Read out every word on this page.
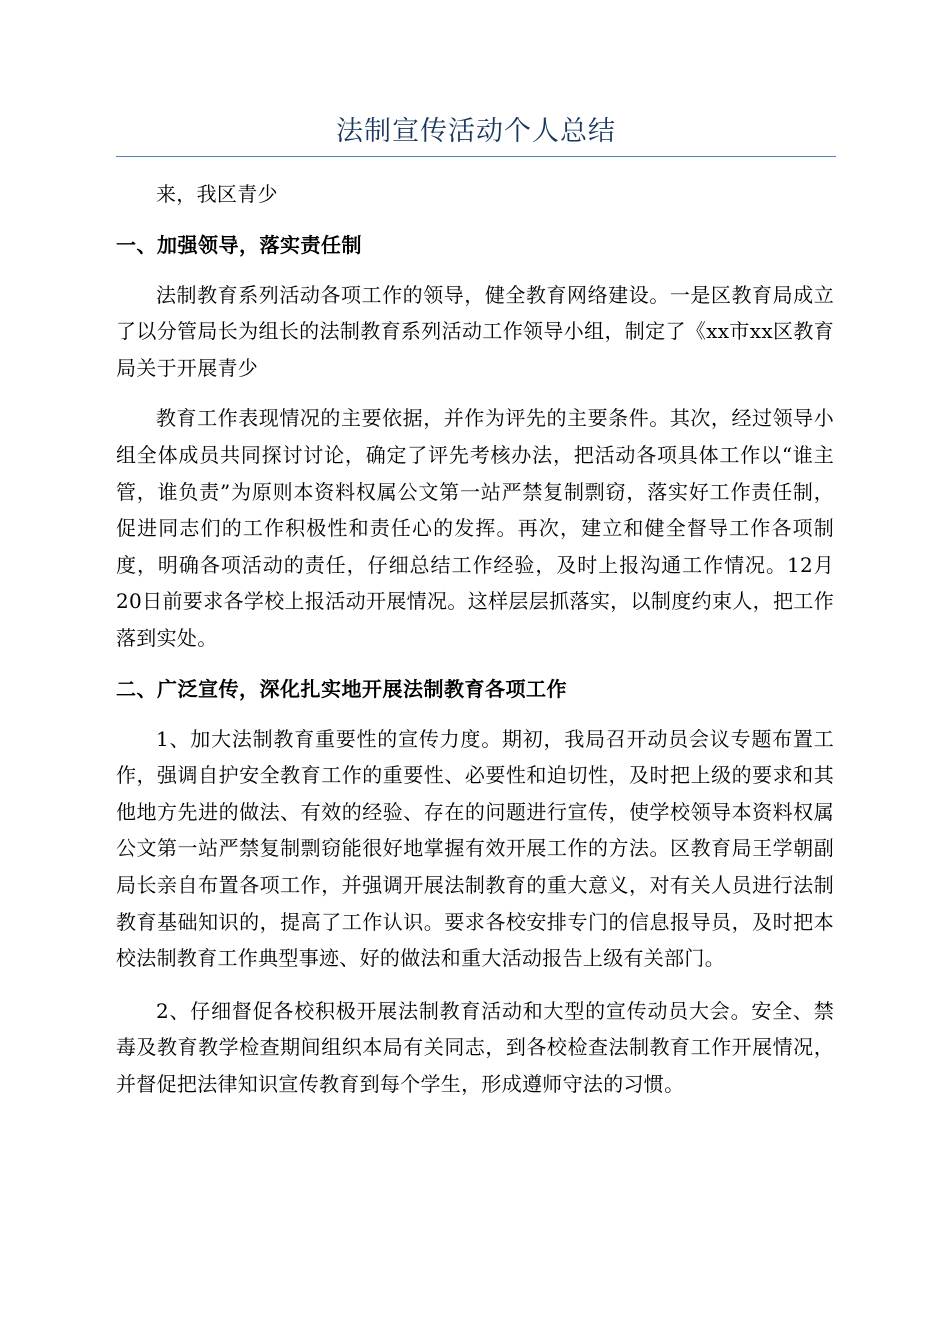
法制宣传活动个人总结

来，我区青少

一、加强领导，落实责任制

法制教育系列活动各项工作的领导，健全教育网络建设。一是区教育局成立了以分管局长为组长的法制教育系列活动工作领导小组，制定了《xx市xx区教育局关于开展青少

教育工作表现情况的主要依据，并作为评先的主要条件。其次，经过领导小组全体成员共同探讨讨论，确定了评先考核办法，把活动各项具体工作以“谁主管，谁负责”为原则本资料权属公文第一站严禁复制剽窃，落实好工作责任制，促进同志们的工作积极性和责任心的发挥。再次，建立和健全督导工作各项制度，明确各项活动的责任，仔细总结工作经验，及时上报沟通工作情况。12月20日前要求各学校上报活动开展情况。这样层层抓落实，以制度约束人，把工作落到实处。

二、广泛宣传，深化扎实地开展法制教育各项工作

1、加大法制教育重要性的宣传力度。期初，我局召开动员会议专题布置工作，强调自护安全教育工作的重要性、必要性和迫切性，及时把上级的要求和其他地方先进的做法、有效的经验、存在的问题进行宣传，使学校领导本资料权属公文第一站严禁复制剽窃能很好地掌握有效开展工作的方法。区教育局王学朝副局长亲自布置各项工作，并强调开展法制教育的重大意义，对有关人员进行法制教育基础知识的，提高了工作认识。要求各校安排专门的信息报导员，及时把本校法制教育工作典型事迹、好的做法和重大活动报告上级有关部门。

2、仔细督促各校积极开展法制教育活动和大型的宣传动员大会。安全、禁毒及教育教学检查期间组织本局有关同志，到各校检查法制教育工作开展情况，并督促把法律知识宣传教育到每个学生，形成遵师守法的习惯。
